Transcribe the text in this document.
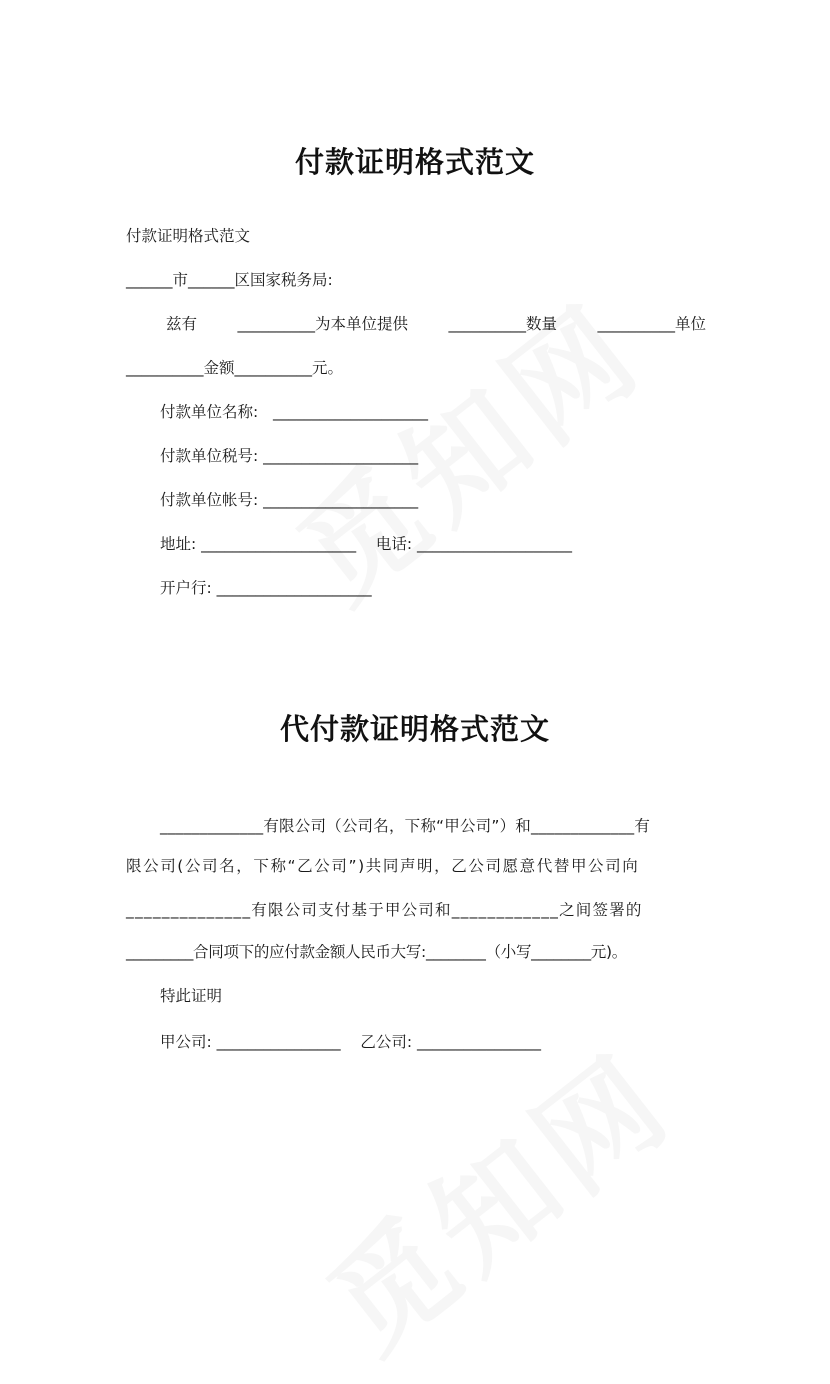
付款证明格式范文
付款证明格式范文
______市______区国家税务局:
兹有	__________为本单位提供	__________数量	__________单位
__________金额__________元。
付款单位名称:   ____________________
付款单位税号: ____________________
付款单位帐号: ____________________
地址: ____________________    电话: ____________________
开户行: ____________________
代付款证明格式范文
_____________有限公司（公司名，下称“甲公司”）和_____________有
限公司(公司名，下称“乙公司”)共同声明，乙公司愿意代替甲公司向
______________有限公司支付基于甲公司和____________之间签署的
_________合同项下的应付款金额人民币大写:________（小写________元)。
特此证明
甲公司: ________________    乙公司: ________________
